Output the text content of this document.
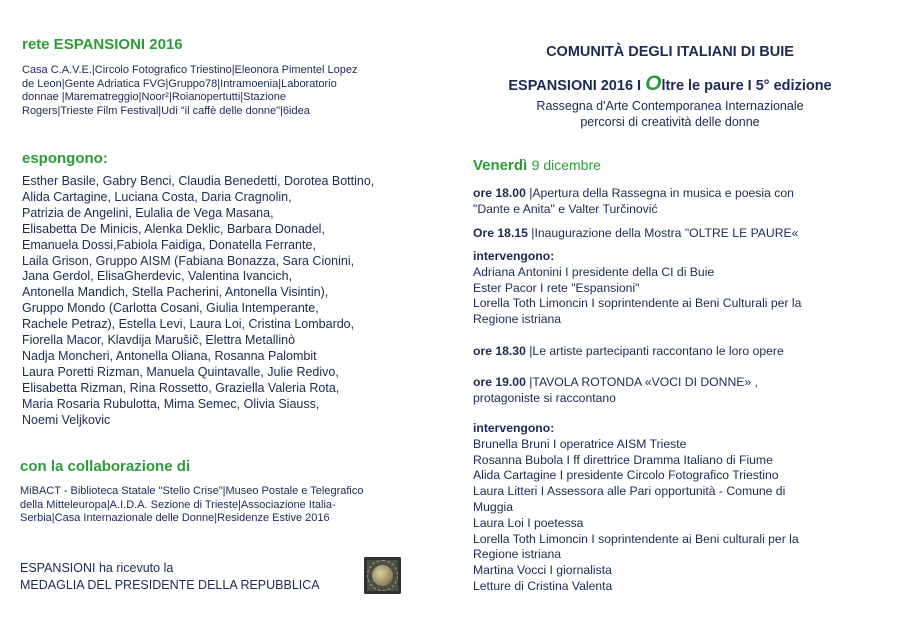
rete ESPANSIONI 2016
Casa C.A.V.E.|Circolo Fotografico Triestino|Eleonora Pimentel Lopez
de Leon|Gente Adriatica FVG|Gruppo78|Intramoenia|Laboratorio
donnae |Marematreggio|Noor²|Roianopertutti|Stazione
Rogers|Trieste Film Festival|Udi "il caffè delle donne"|6idea
espongono:
Esther Basile, Gabry Benci, Claudia Benedetti, Dorotea Bottino,
Alida Cartagine, Luciana Costa, Daria Cragnolin,
Patrizia de Angelini, Eulalia de Vega Masana,
Elisabetta De Minicis, Alenka Deklic, Barbara Donadel,
Emanuela Dossi,Fabiola Faidiga, Donatella Ferrante,
Laila Grison, Gruppo AISM (Fabiana Bonazza, Sara Cionini,
Jana Gerdol, ElisaGherdevic, Valentina Ivancich,
Antonella Mandich, Stella Pacherini, Antonella Visintin),
Gruppo Mondo (Carlotta Cosani, Giulia Intemperante,
Rachele Petraz), Estella Levi, Laura Loi, Cristina Lombardo,
Fiorella Macor, Klavdija Marušič, Elettra Metallinò
Nadja Moncheri, Antonella Oliana, Rosanna Palombit
Laura Poretti Rizman, Manuela Quintavalle, Julie Redivo,
Elisabetta Rizman, Rina Rossetto, Graziella Valeria Rota,
Maria Rosaria Rubulotta, Mima Semec, Olivia Siauss,
Noemi Veljkovic
con la collaborazione di
MiBACT - Biblioteca Statale "Stelio Crise"|Museo Postale e Telegrafico
della Mitteleuropa|A.I.D.A. Sezione di Trieste|Associazione Italia-
Serbia|Casa Internazionale delle Donne|Residenze Estive 2016
ESPANSIONI ha ricevuto la
MEDAGLIA DEL PRESIDENTE DELLA REPUBBLICA
COMUNITÀ DEGLI ITALIANI DI BUIE
ESPANSIONI 2016 I Oltre le paure I 5° edizione
Rassegna d'Arte Contemporanea Internazionale
percorsi di creatività delle donne
Venerdì 9 dicembre
ore 18.00 |Apertura della Rassegna in musica e poesia con
"Dante e Anita" e Valter Turčinović
Ore 18.15 |Inaugurazione della Mostra "OLTRE LE PAURE«
intervengono:
Adriana Antonini I presidente della CI di Buie
Ester Pacor I rete "Espansioni"
Lorella Toth Limoncin I soprintendente ai Beni Culturali per la
Regione istriana
ore 18.30 |Le artiste partecipanti raccontano le loro opere
ore 19.00 |TAVOLA ROTONDA «VOCI DI DONNE» ,
protagoniste si raccontano
intervengono:
Brunella Bruni I operatrice AISM Trieste
Rosanna Bubola I ff direttrice Dramma Italiano di Fiume
Alida Cartagine I presidente Circolo Fotografico Triestino
Laura Litteri I Assessora alle Pari opportunità - Comune di
Muggia
Laura Loi I poetessa
Lorella Toth Limoncin I soprintendente ai Beni culturali per la
Regione istriana
Martina Vocci I giornalista
Letture di Cristina Valenta
